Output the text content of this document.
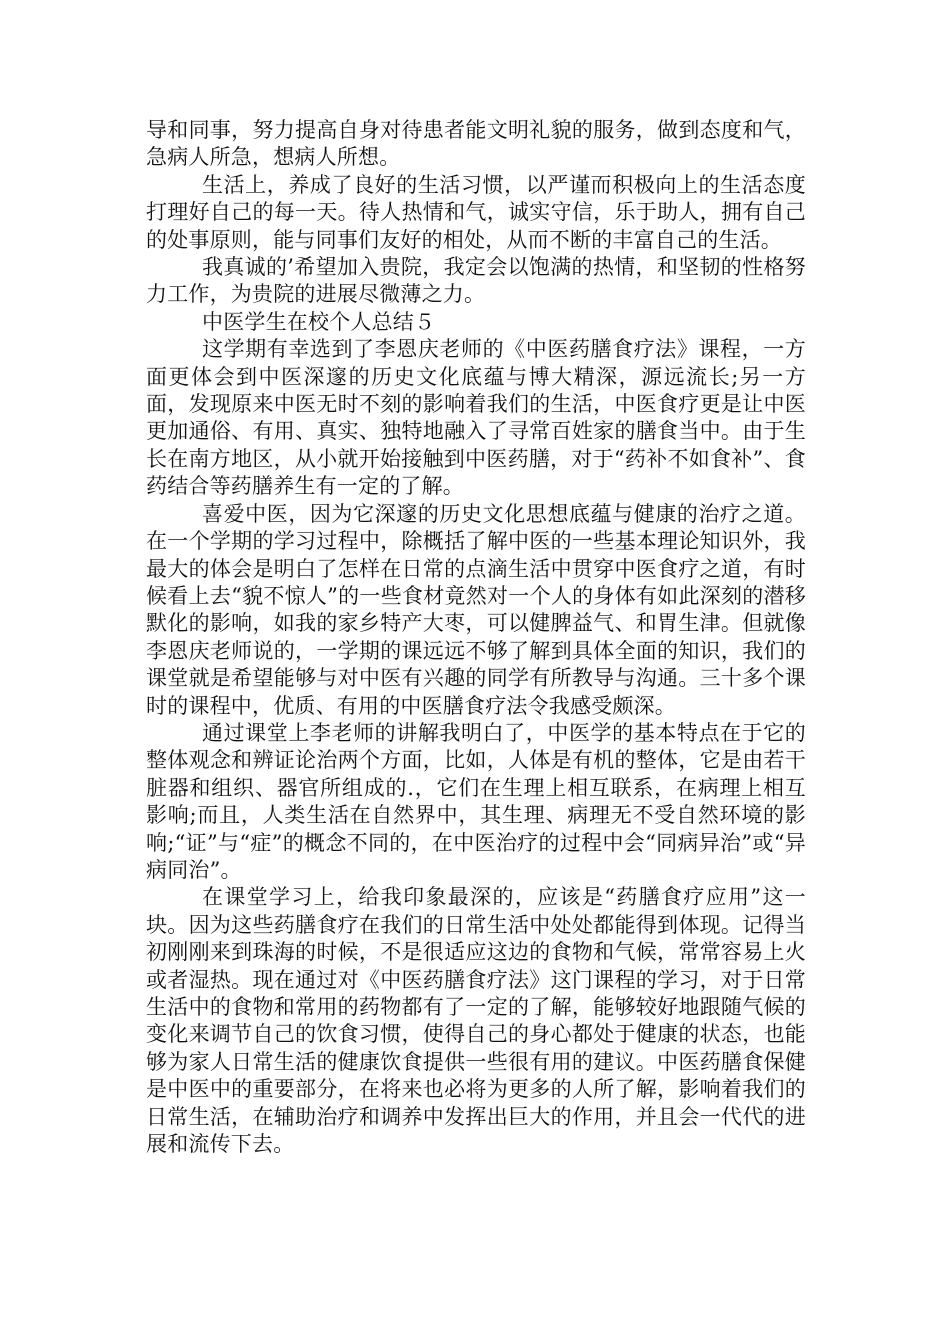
导和同事，努力提高自身对待患者能文明礼貌的服务，做到态度和气，急病人所急，想病人所想。

生活上，养成了良好的生活习惯，以严谨而积极向上的生活态度打理好自己的每一天。待人热情和气，诚实守信，乐于助人，拥有自己的处事原则，能与同事们友好的相处，从而不断的丰富自己的生活。

我真诚的’希望加入贵院，我定会以饱满的热情，和坚韧的性格努力工作，为贵院的进展尽微薄之力。

中医学生在校个人总结５

这学期有幸选到了李恩庆老师的《中医药膳食疗法》课程，一方面更体会到中医深邃的历史文化底蕴与博大精深，源远流长;另一方面，发现原来中医无时不刻的影响着我们的生活，中医食疗更是让中医更加通俗、有用、真实、独特地融入了寻常百姓家的膳食当中。由于生长在南方地区，从小就开始接触到中医药膳，对于“药补不如食补”、食药结合等药膳养生有一定的了解。

喜爱中医，因为它深邃的历史文化思想底蕴与健康的治疗之道。在一个学期的学习过程中，除概括了解中医的一些基本理论知识外，我最大的体会是明白了怎样在日常的点滴生活中贯穿中医食疗之道，有时候看上去“貌不惊人”的一些食材竟然对一个人的身体有如此深刻的潜移默化的影响，如我的家乡特产大枣，可以健脾益气、和胃生津。但就像李恩庆老师说的，一学期的课远远不够了解到具体全面的知识，我们的课堂就是希望能够与对中医有兴趣的同学有所教导与沟通。三十多个课时的课程中，优质、有用的中医膳食疗法令我感受颇深。

通过课堂上李老师的讲解我明白了，中医学的基本特点在于它的整体观念和辨证论治两个方面，比如，人体是有机的整体，它是由若干脏器和组织、器官所组成的.，它们在生理上相互联系，在病理上相互影响;而且，人类生活在自然界中，其生理、病理无不受自然环境的影响;“证”与“症”的概念不同的，在中医治疗的过程中会“同病异治”或“异病同治”。

在课堂学习上，给我印象最深的，应该是“药膳食疗应用”这一块。因为这些药膳食疗在我们的日常生活中处处都能得到体现。记得当初刚刚来到珠海的时候，不是很适应这边的食物和气候，常常容易上火或者湿热。现在通过对《中医药膳食疗法》这门课程的学习，对于日常生活中的食物和常用的药物都有了一定的了解，能够较好地跟随气候的变化来调节自己的饮食习惯，使得自己的身心都处于健康的状态，也能够为家人日常生活的健康饮食提供一些很有用的建议。中医药膳食保健是中医中的重要部分，在将来也必将为更多的人所了解，影响着我们的日常生活，在辅助治疗和调养中发挥出巨大的作用，并且会一代代的进展和流传下去。
